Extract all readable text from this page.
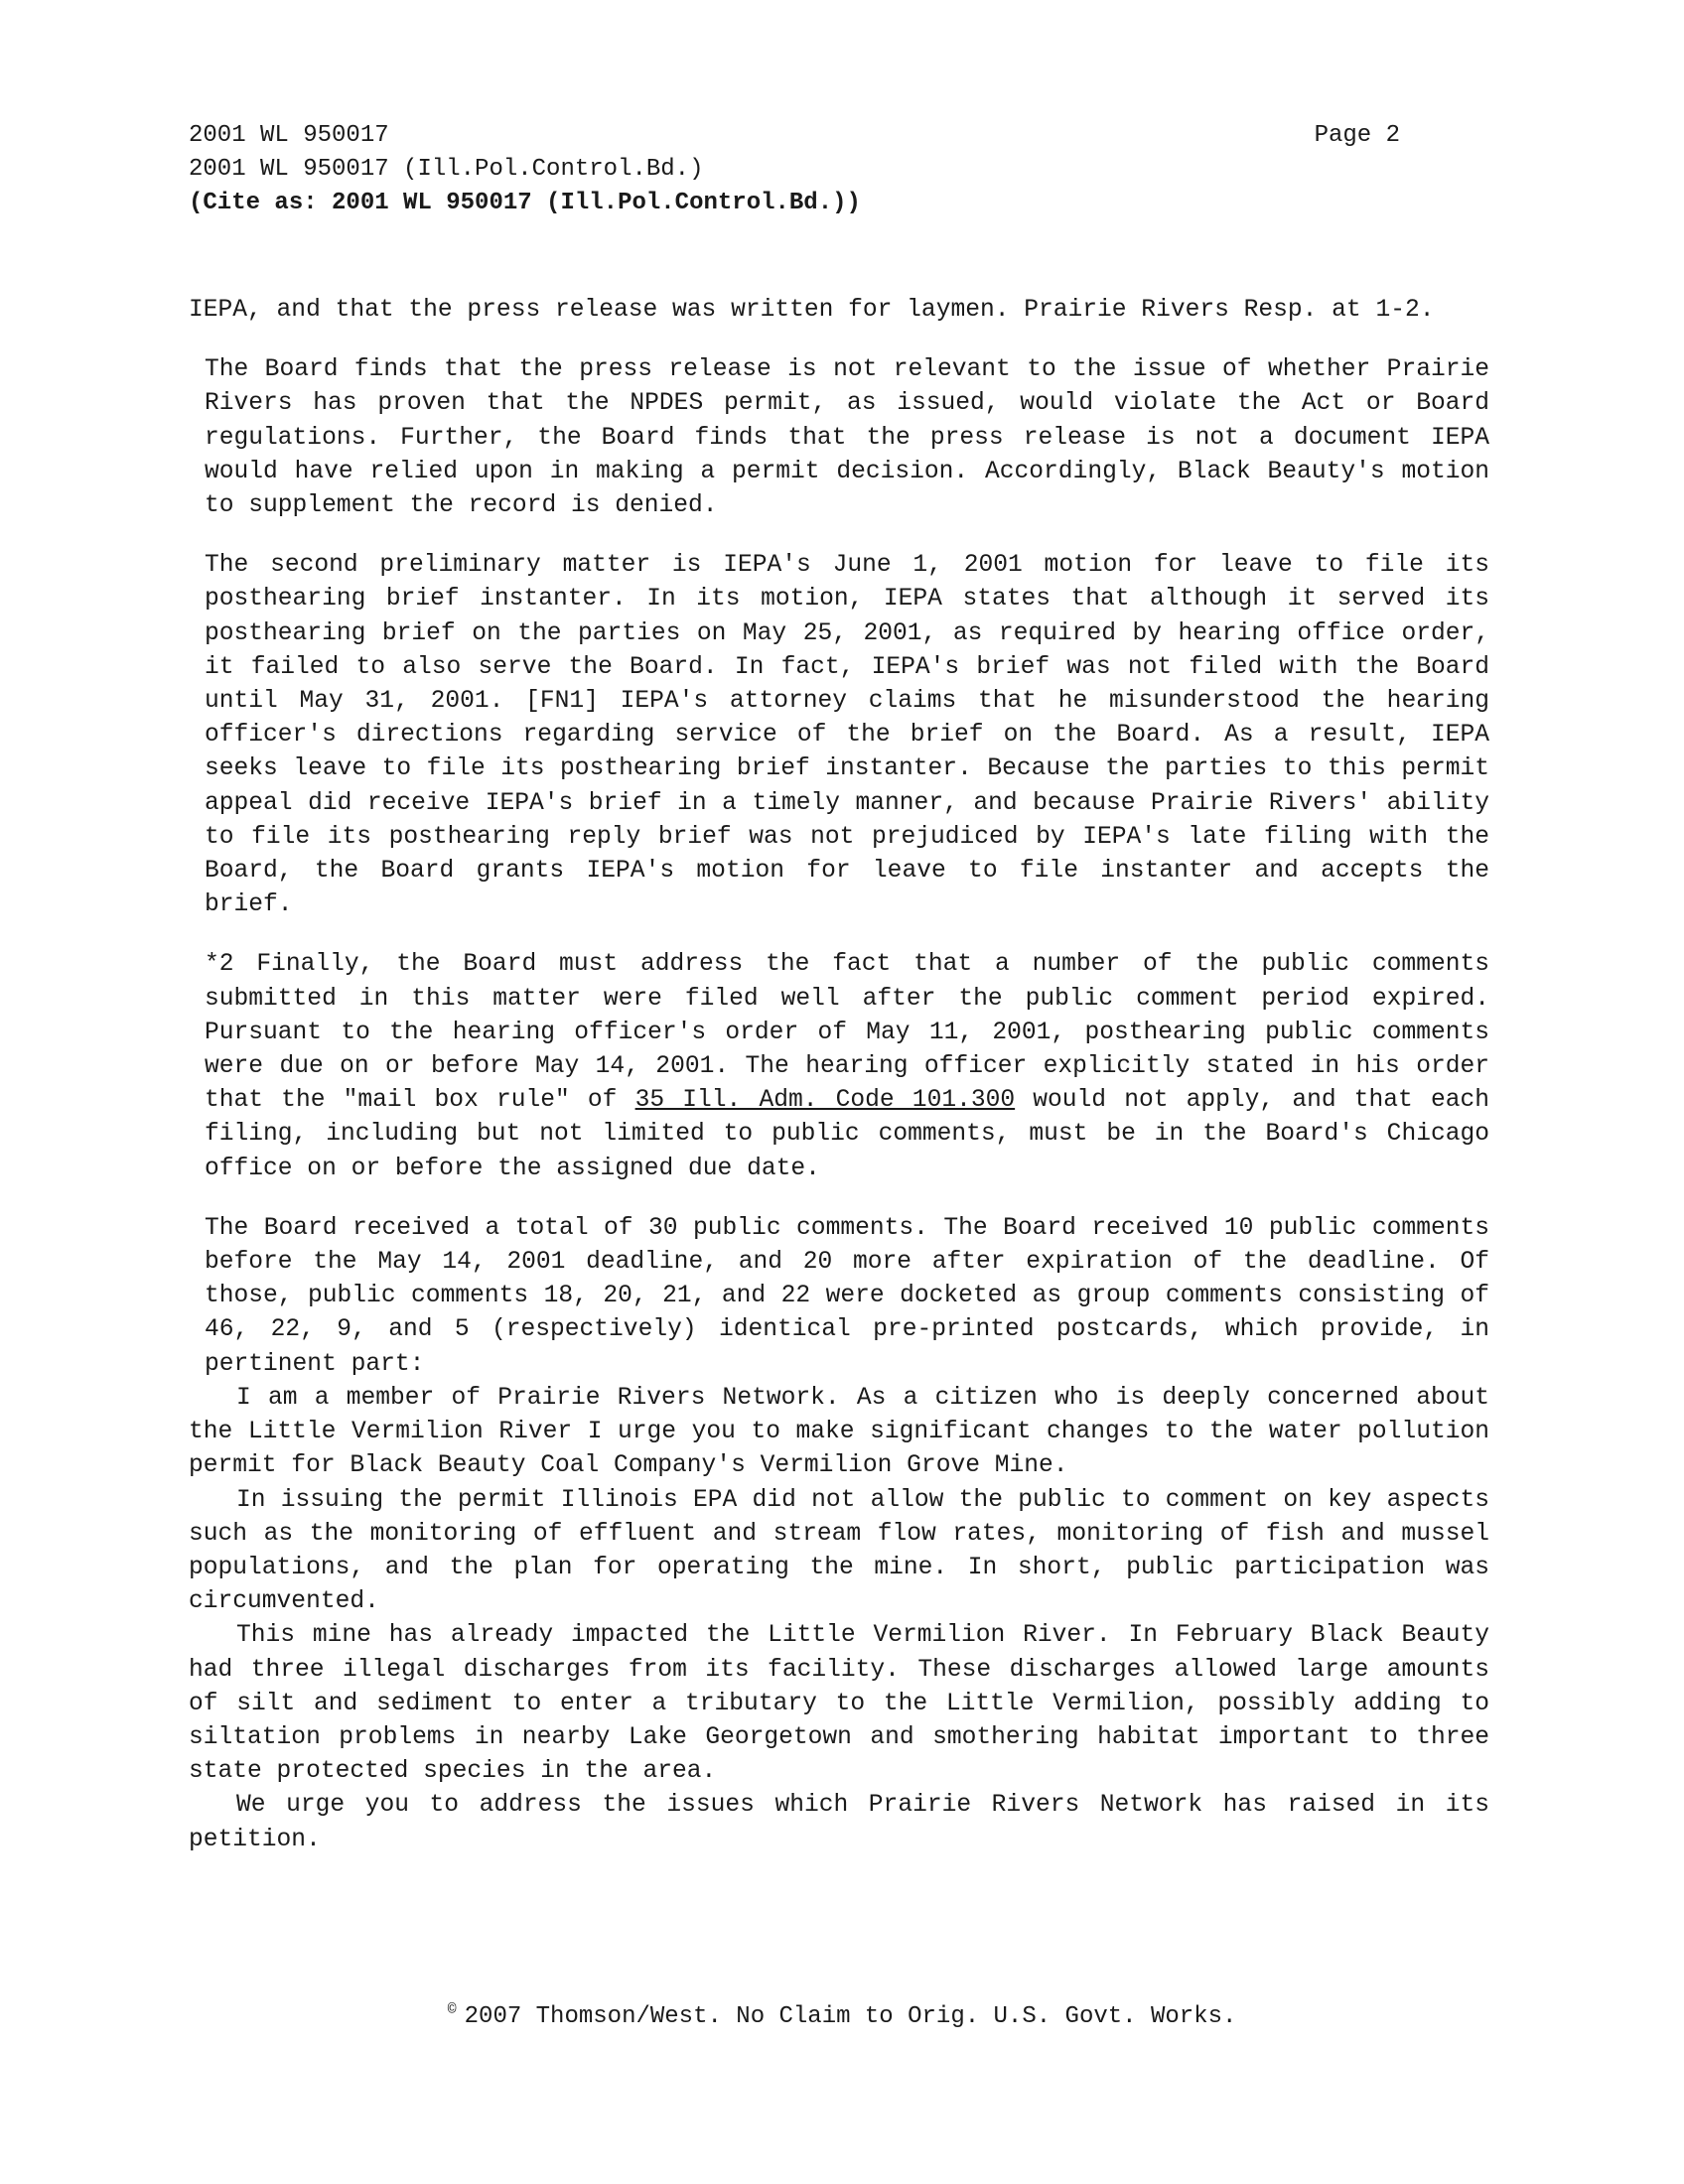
Page 2
2001 WL 950017
2001 WL 950017 (Ill.Pol.Control.Bd.)
(Cite as: 2001 WL 950017 (Ill.Pol.Control.Bd.))

IEPA, and that the press release was written for laymen. Prairie Rivers Resp. at 1-2.

The Board finds that the press release is not relevant to the issue of whether Prairie Rivers has proven that the NPDES permit, as issued, would violate the Act or Board regulations. Further, the Board finds that the press release is not a document IEPA would have relied upon in making a permit decision. Accordingly, Black Beauty's motion to supplement the record is denied.

The second preliminary matter is IEPA's June 1, 2001 motion for leave to file its posthearing brief instanter. In its motion, IEPA states that although it served its posthearing brief on the parties on May 25, 2001, as required by hearing office order, it failed to also serve the Board. In fact, IEPA's brief was not filed with the Board until May 31, 2001. [FN1] IEPA's attorney claims that he misunderstood the hearing officer's directions regarding service of the brief on the Board. As a result, IEPA seeks leave to file its posthearing brief instanter. Because the parties to this permit appeal did receive IEPA's brief in a timely manner, and because Prairie Rivers' ability to file its posthearing reply brief was not prejudiced by IEPA's late filing with the Board, the Board grants IEPA's motion for leave to file instanter and accepts the brief.

*2 Finally, the Board must address the fact that a number of the public comments submitted in this matter were filed well after the public comment period expired. Pursuant to the hearing officer's order of May 11, 2001, posthearing public comments were due on or before May 14, 2001. The hearing officer explicitly stated in his order that the "mail box rule" of 35 Ill. Adm. Code 101.300 would not apply, and that each filing, including but not limited to public comments, must be in the Board's Chicago office on or before the assigned due date.

The Board received a total of 30 public comments. The Board received 10 public comments before the May 14, 2001 deadline, and 20 more after expiration of the deadline. Of those, public comments 18, 20, 21, and 22 were docketed as group comments consisting of 46, 22, 9, and 5 (respectively) identical pre-printed postcards, which provide, in pertinent part:

I am a member of Prairie Rivers Network. As a citizen who is deeply concerned about the Little Vermilion River I urge you to make significant changes to the water pollution permit for Black Beauty Coal Company's Vermilion Grove Mine.

In issuing the permit Illinois EPA did not allow the public to comment on key aspects such as the monitoring of effluent and stream flow rates, monitoring of fish and mussel populations, and the plan for operating the mine. In short, public participation was circumvented.

This mine has already impacted the Little Vermilion River. In February Black Beauty had three illegal discharges from its facility. These discharges allowed large amounts of silt and sediment to enter a tributary to the Little Vermilion, possibly adding to siltation problems in nearby Lake Georgetown and smothering habitat important to three state protected species in the area.

We urge you to address the issues which Prairie Rivers Network has raised in its petition.

© 2007 Thomson/West. No Claim to Orig. U.S. Govt. Works.
